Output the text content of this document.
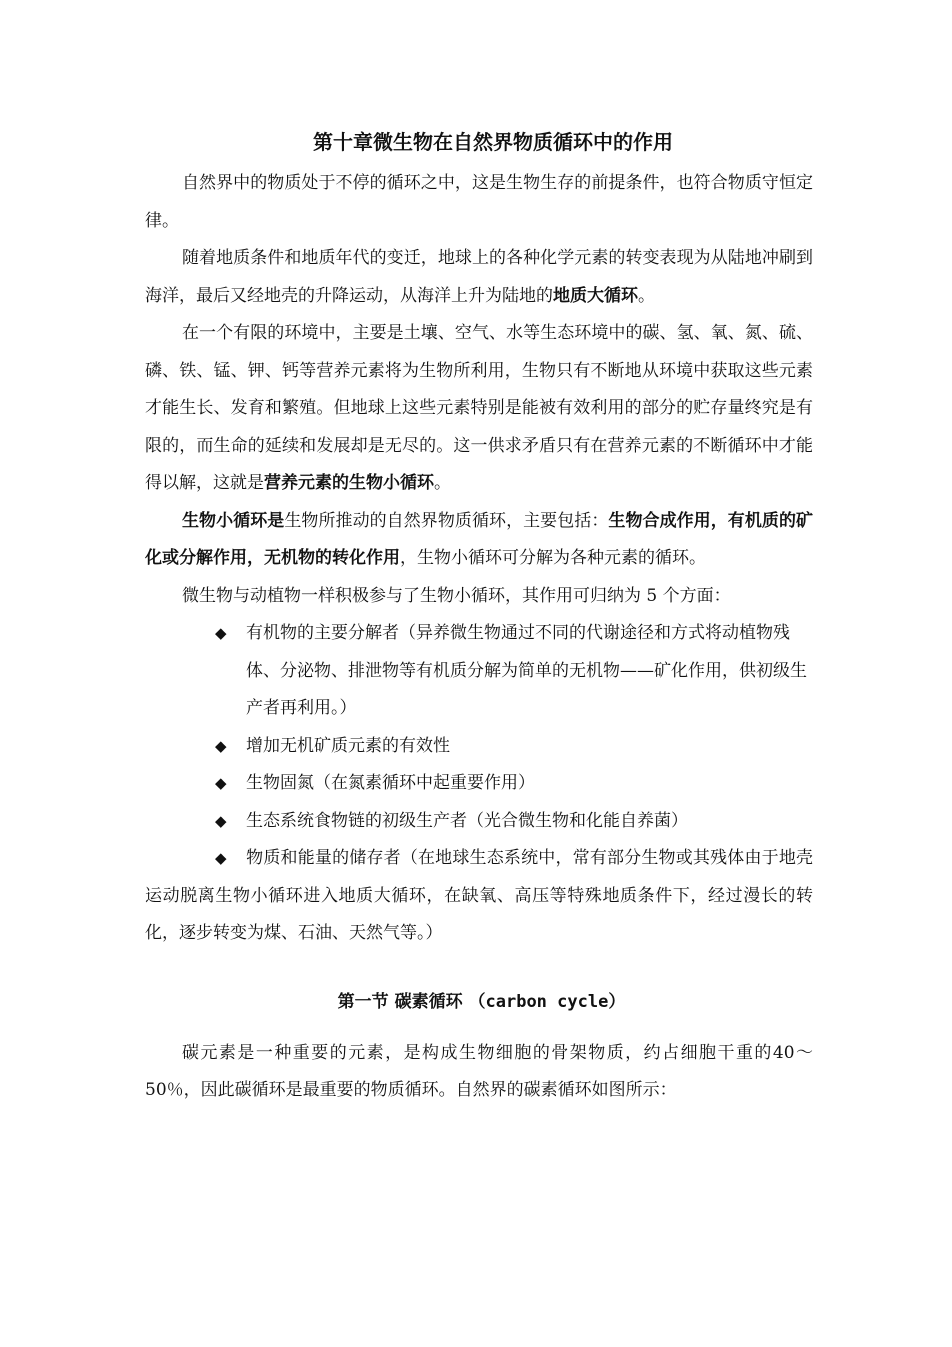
第十章微生物在自然界物质循环中的作用

自然界中的物质处于不停的循环之中，这是生物生存的前提条件，也符合物质守恒定律。

随着地质条件和地质年代的变迁，地球上的各种化学元素的转变表现为从陆地冲刷到海洋，最后又经地壳的升降运动，从海洋上升为陆地的地质大循环。

在一个有限的环境中，主要是土壤、空气、水等生态环境中的碳、氢、氧、氮、硫、磷、铁、锰、钾、钙等营养元素将为生物所利用，生物只有不断地从环境中获取这些元素才能生长、发育和繁殖。但地球上这些元素特别是能被有效利用的部分的贮存量终究是有限的，而生命的延续和发展却是无尽的。这一供求矛盾只有在营养元素的不断循环中才能得以解，这就是营养元素的生物小循环。

生物小循环是生物所推动的自然界物质循环，主要包括：生物合成作用，有机质的矿化或分解作用，无机物的转化作用，生物小循环可分解为各种元素的循环。

微生物与动植物一样积极参与了生物小循环，其作用可归纳为 5 个方面：

◆ 有机物的主要分解者（异养微生物通过不同的代谢途径和方式将动植物残体、分泌物、排泄物等有机质分解为简单的无机物——矿化作用，供初级生产者再利用。）
◆ 增加无机矿质元素的有效性
◆ 生物固氮（在氮素循环中起重要作用）
◆ 生态系统食物链的初级生产者（光合微生物和化能自养菌）

◆ 物质和能量的储存者（在地球生态系统中，常有部分生物或其残体由于地壳运动脱离生物小循环进入地质大循环，在缺氧、高压等特殊地质条件下，经过漫长的转化，逐步转变为煤、石油、天然气等。）

第一节 碳素循环 （carbon cycle）

碳元素是一种重要的元素，是构成生物细胞的骨架物质，约占细胞干重的40～50％，因此碳循环是最重要的物质循环。自然界的碳素循环如图所示：
